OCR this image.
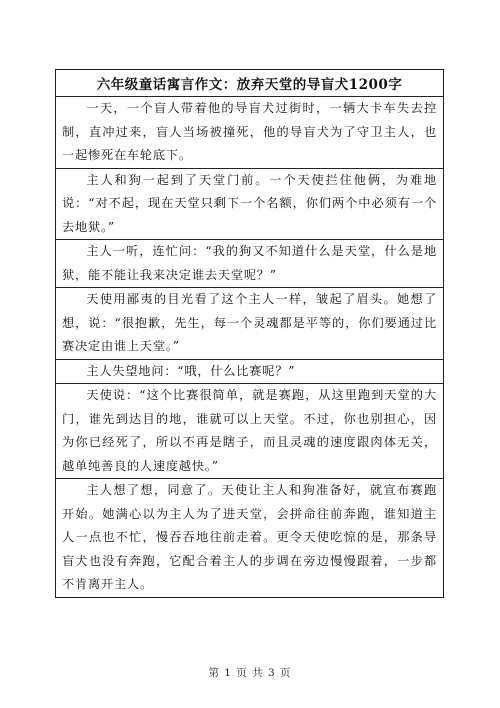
六年级童话寓言作文：放弃天堂的导盲犬1200字
一天，一个盲人带着他的导盲犬过街时，一辆大卡车失去控制，直冲过来，盲人当场被撞死，他的导盲犬为了守卫主人，也一起惨死在车轮底下。
主人和狗一起到了天堂门前。一个天使拦住他俩，为难地说：“对不起，现在天堂只剩下一个名额，你们两个中必须有一个去地狱。”
主人一听，连忙问：“我的狗又不知道什么是天堂，什么是地狱，能不能让我来决定谁去天堂呢？”
天使用鄙夷的目光看了这个主人一样，皱起了眉头。她想了想，说：“很抱歉，先生，每一个灵魂都是平等的，你们要通过比赛决定由谁上天堂。”
主人失望地问：“哦，什么比赛呢？”
天使说：“这个比赛很简单，就是赛跑，从这里跑到天堂的大门，谁先到达目的地，谁就可以上天堂。不过，你也别担心，因为你已经死了，所以不再是瞎子，而且灵魂的速度跟肉体无关，越单纯善良的人速度越快。”
主人想了想，同意了。天使让主人和狗准备好，就宣布赛跑开始。她满心以为主人为了进天堂，会拼命往前奔跑，谁知道主人一点也不忙，慢吞吞地往前走着。更令天使吃惊的是，那条导盲犬也没有奔跑，它配合着主人的步调在旁边慢慢跟着，一步都不肯离开主人。
第 1 页 共 3 页
